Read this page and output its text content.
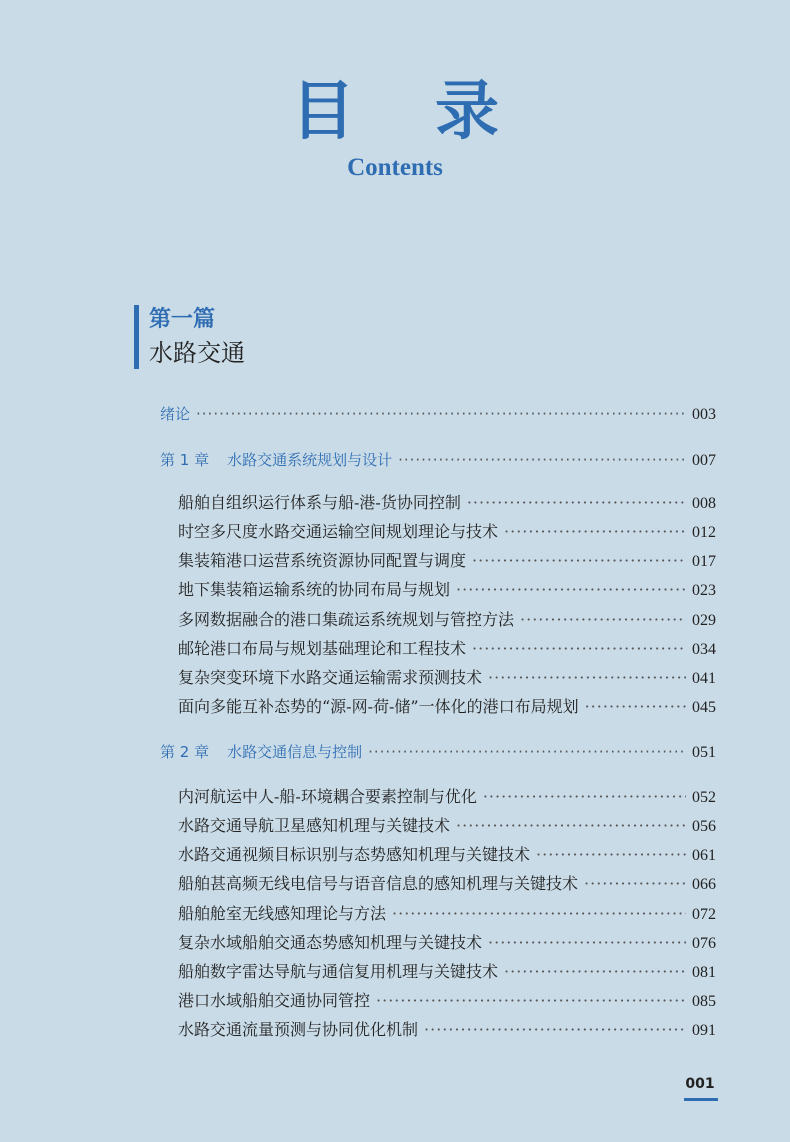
目 录
Contents
第一篇
水路交通
绪论 ·····	003
第 1 章 水路交通系统规划与设计 ·····	007
船舶自组织运行体系与船-港-货协同控制 ·····	008
时空多尺度水路交通运输空间规划理论与技术 ·····	012
集装箱港口运营系统资源协同配置与调度 ·····	017
地下集装箱运输系统的协同布局与规划 ·····	023
多网数据融合的港口集疏运系统规划与管控方法 ·····	029
邮轮港口布局与规划基础理论和工程技术 ·····	034
复杂突变环境下水路交通运输需求预测技术 ·····	041
面向多能互补态势的“源-网-荷-储”一体化的港口布局规划 ·····	045
第 2 章 水路交通信息与控制 ·····	051
内河航运中人-船-环境耦合要素控制与优化 ·····	052
水路交通导航卫星感知机理与关键技术 ·····	056
水路交通视频目标识别与态势感知机理与关键技术 ·····	061
船舶甚高频无线电信号与语音信息的感知机理与关键技术 ·····	066
船舶舱室无线感知理论与方法 ·····	072
复杂水域船舶交通态势感知机理与关键技术 ·····	076
船舶数字雷达导航与通信复用机理与关键技术 ·····	081
港口水域船舶交通协同管控 ·····	085
水路交通流量预测与协同优化机制 ·····	091
001
